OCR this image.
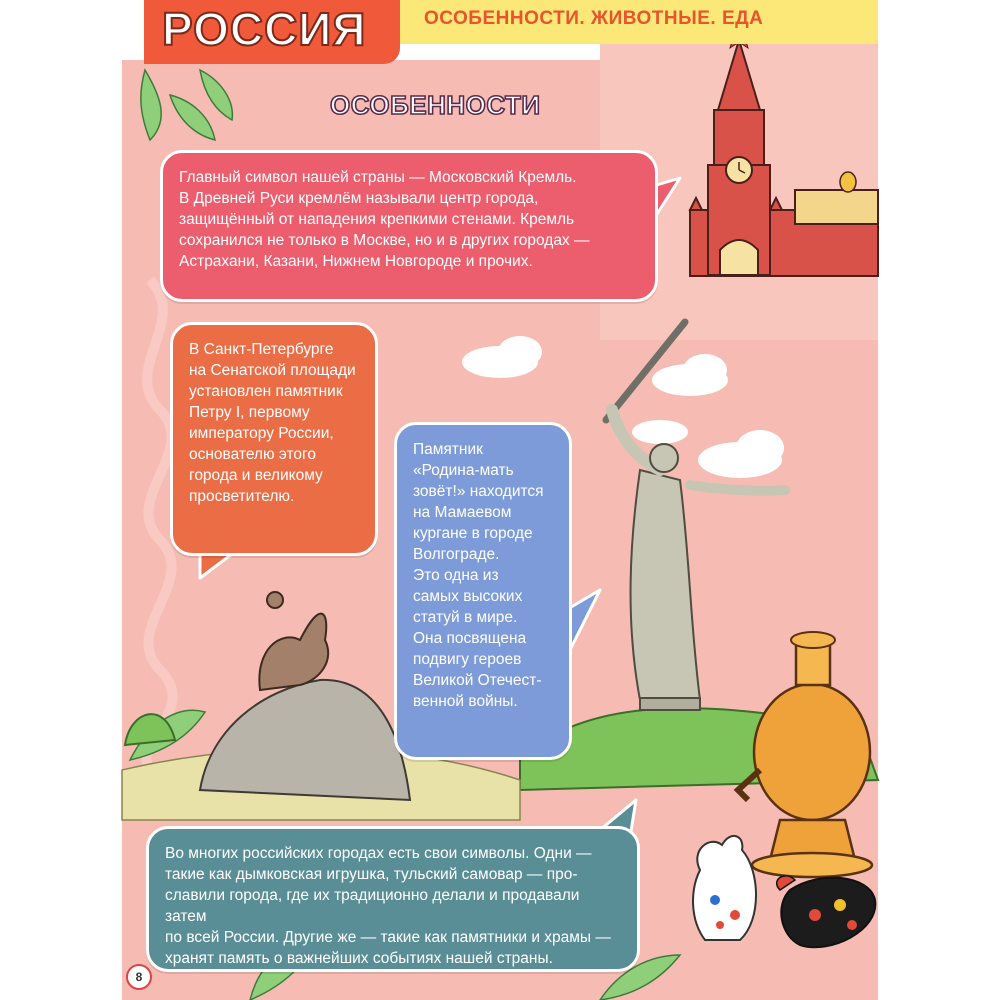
РОССИЯ	ОСОБЕННОСТИ. ЖИВОТНЫЕ. ЕДА
ОСОБЕННОСТИ

Главный символ нашей страны — Московский Кремль.
В Древней Руси кремлём называли центр города,
защищённый от нападения крепкими стенами. Кремль
сохранился не только в Москве, но и в других городах —
Астрахани, Казани, Нижнем Новгороде и прочих.

В Санкт-Петербурге
на Сенатской площади
установлен памятник
Петру I, первому
императору России,
основател​ю этого
города и великому
просветителю.

Памятник
«Родина-мать
зовёт!» находится
на Мамаевом
кургане в городе
Волгограде.
Это одна из
самых высоких
статуй в мире.
Она посвящена
подвигу героев
Великой Отечест-
венной войны.

Во многих российских городах есть свои символы. Одни —
такие как дымковская игрушка, тульский самовар — про-
славили города, где их традиционно делали и продавали затем
по всей России. Другие же — такие как памятники и храмы —
хранят память о важнейших событиях нашей страны.

8
